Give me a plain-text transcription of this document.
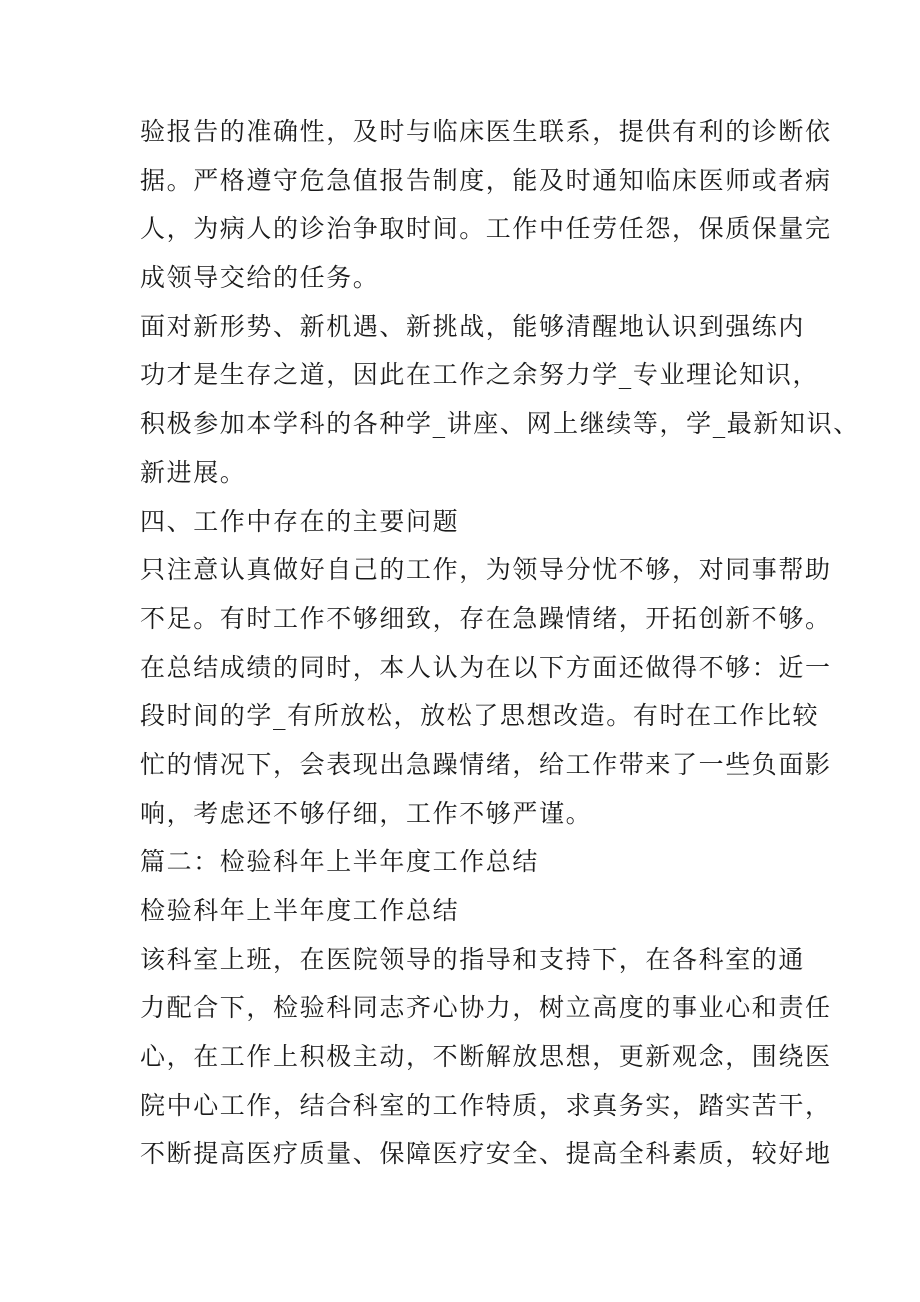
验报告的准确性，及时与临床医生联系，提供有利的诊断依
据。严格遵守危急值报告制度，能及时通知临床医师或者病
人，为病人的诊治争取时间。工作中任劳任怨，保质保量完
成领导交给的任务。
面对新形势、新机遇、新挑战，能够清醒地认识到强练内
功才是生存之道，因此在工作之余努力学_专业理论知识，
积极参加本学科的各种学_讲座、网上继续等，学_最新知识、
新进展。
四、工作中存在的主要问题
只注意认真做好自己的工作，为领导分忧不够，对同事帮助
不足。有时工作不够细致，存在急躁情绪，开拓创新不够。
在总结成绩的同时，本人认为在以下方面还做得不够：近一
段时间的学_有所放松，放松了思想改造。有时在工作比较
忙的情况下，会表现出急躁情绪，给工作带来了一些负面影
响，考虑还不够仔细，工作不够严谨。
篇二：检验科年上半年度工作总结
检验科年上半年度工作总结
该科室上班，在医院领导的指导和支持下，在各科室的通
力配合下，检验科同志齐心协力，树立高度的事业心和责任
心，在工作上积极主动，不断解放思想，更新观念，围绕医
院中心工作，结合科室的工作特质，求真务实，踏实苦干，
不断提高医疗质量、保障医疗安全、提高全科素质，较好地
